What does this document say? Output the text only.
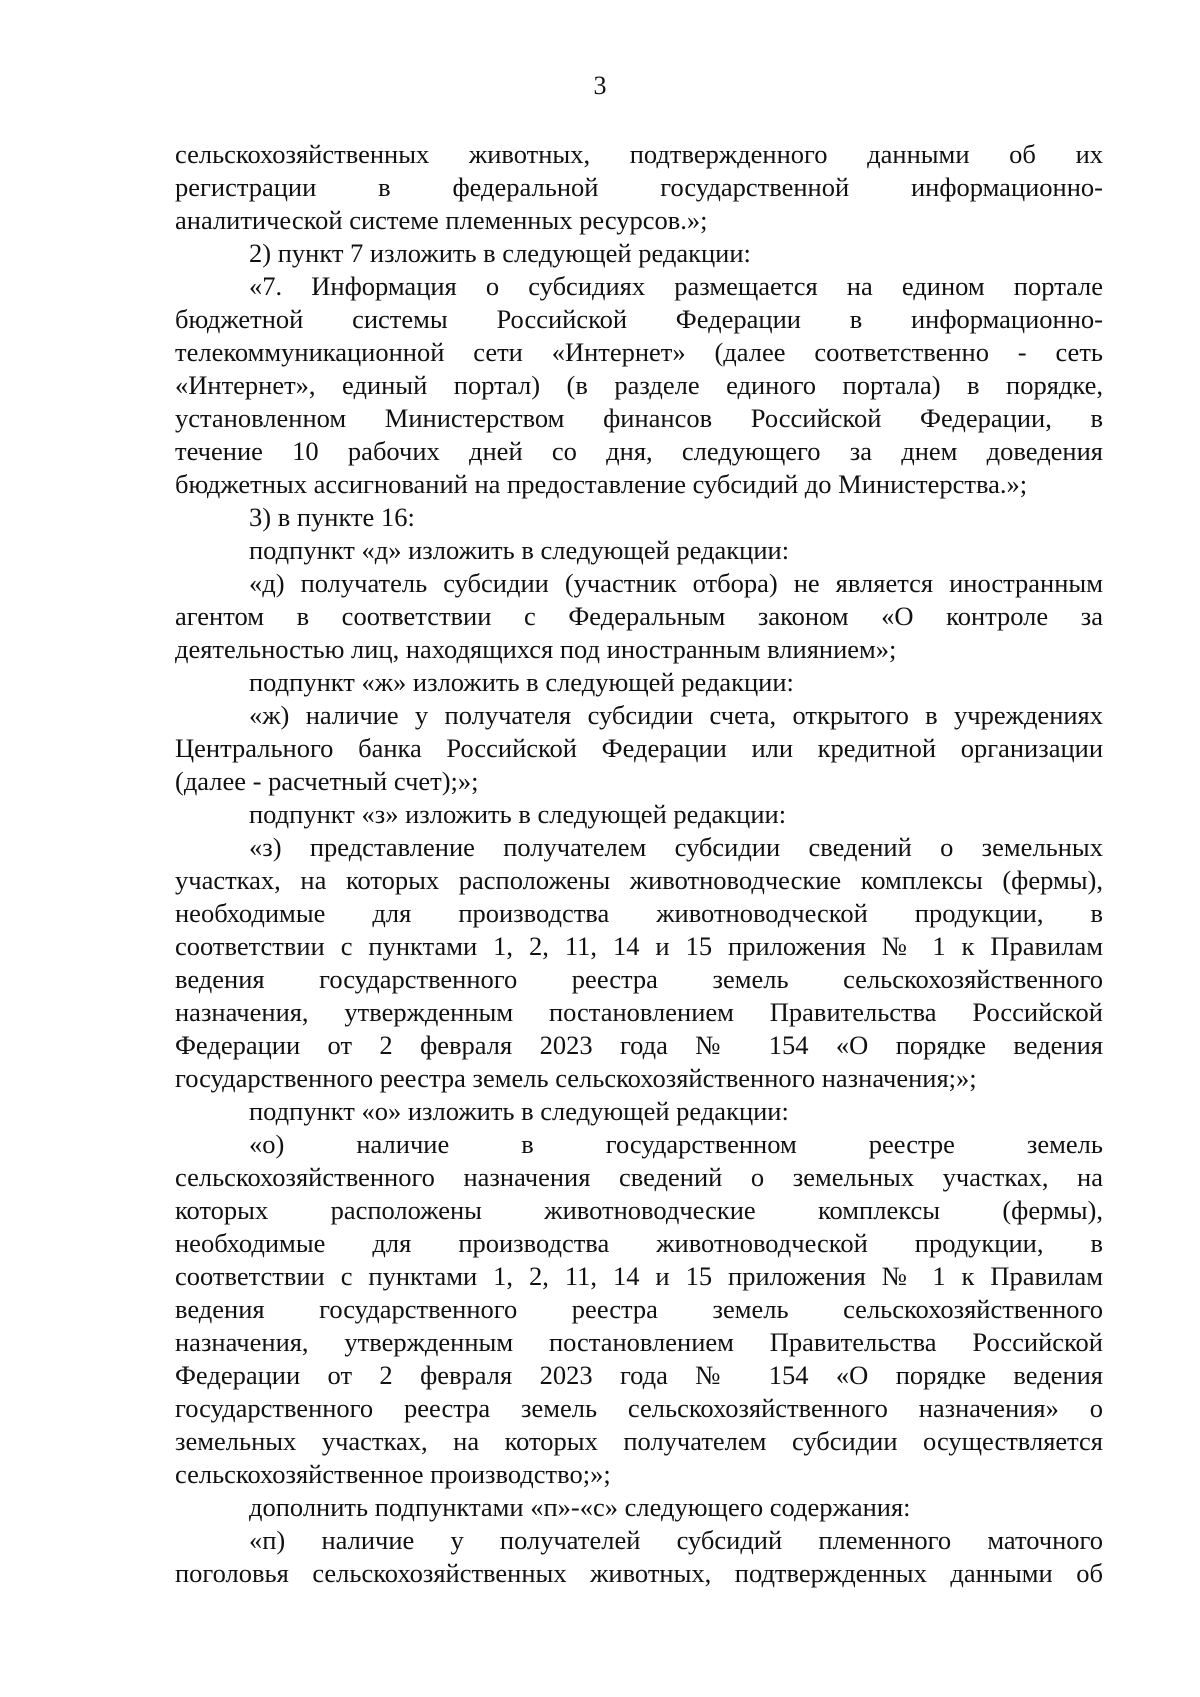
3
сельскохозяйственных животных, подтвержденного данными об их
регистрации в федеральной государственной информационно-
аналитической системе племенных ресурсов.»;
2) пункт 7 изложить в следующей редакции:
«7. Информация о субсидиях размещается на едином портале
бюджетной системы Российской Федерации в информационно-
телекоммуникационной сети «Интернет» (далее соответственно - сеть
«Интернет», единый портал) (в разделе единого портала) в порядке,
установленном Министерством финансов Российской Федерации, в
течение 10 рабочих дней со дня, следующего за днем доведения
бюджетных ассигнований на предоставление субсидий до Министерства.»;
3) в пункте 16:
подпункт «д» изложить в следующей редакции:
«д) получатель субсидии (участник отбора) не является иностранным
агентом в соответствии с Федеральным законом «О контроле за
деятельностью лиц, находящихся под иностранным влиянием»;
подпункт «ж» изложить в следующей редакции:
«ж) наличие у получателя субсидии счета, открытого в учреждениях
Центрального банка Российской Федерации или кредитной организации
(далее - расчетный счет);»;
подпункт «з» изложить в следующей редакции:
«з) представление получателем субсидии сведений о земельных
участках, на которых расположены животноводческие комплексы (фермы),
необходимые для производства животноводческой продукции, в
соответствии с пунктами 1, 2, 11, 14 и 15 приложения № 1 к Правилам
ведения государственного реестра земель сельскохозяйственного
назначения, утвержденным постановлением Правительства Российской
Федерации от 2 февраля 2023 года № 154 «О порядке ведения
государственного реестра земель сельскохозяйственного назначения;»;
подпункт «о» изложить в следующей редакции:
«о) наличие в государственном реестре земель
сельскохозяйственного назначения сведений о земельных участках, на
которых расположены животноводческие комплексы (фермы),
необходимые для производства животноводческой продукции, в
соответствии с пунктами 1, 2, 11, 14 и 15 приложения № 1 к Правилам
ведения государственного реестра земель сельскохозяйственного
назначения, утвержденным постановлением Правительства Российской
Федерации от 2 февраля 2023 года № 154 «О порядке ведения
государственного реестра земель сельскохозяйственного назначения» о
земельных участках, на которых получателем субсидии осуществляется
сельскохозяйственное производство;»;
дополнить подпунктами «п»-«с» следующего содержания:
«п) наличие у получателей субсидий племенного маточного
поголовья сельскохозяйственных животных, подтвержденных данными об
